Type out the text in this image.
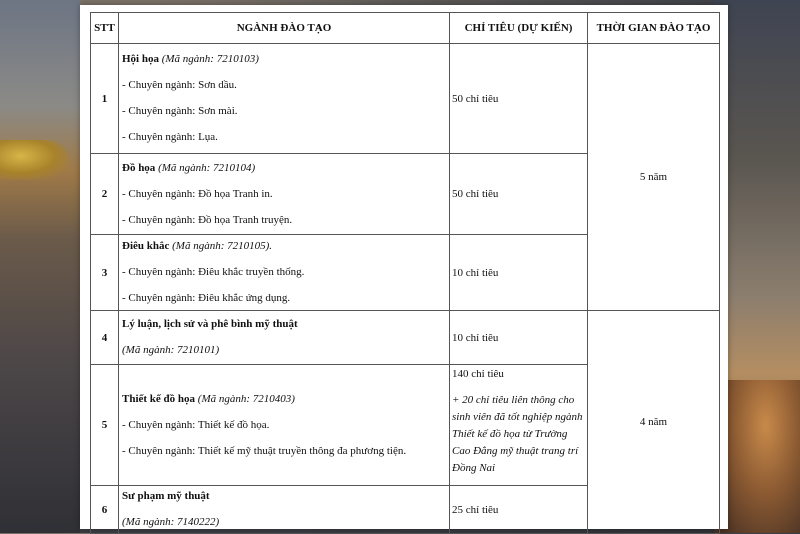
STT	NGÀNH ĐÀO TẠO	CHỈ TIÊU (DỰ KIẾN)	THỜI GIAN ĐÀO TẠO
1	Hội họa (Mã ngành: 7210103)
- Chuyên ngành: Sơn dầu.
- Chuyên ngành: Sơn mài.
- Chuyên ngành: Lụa.	50 chỉ tiêu	5 năm
2	Đồ họa (Mã ngành: 7210104)
- Chuyên ngành: Đồ họa Tranh in.
- Chuyên ngành: Đồ họa Tranh truyện.	50 chỉ tiêu	
3	Điêu khắc (Mã ngành: 7210105).
- Chuyên ngành: Điêu khắc truyền thống.
- Chuyên ngành: Điêu khắc ứng dụng.	10 chỉ tiêu	
4	Lý luận, lịch sử và phê bình mỹ thuật
(Mã ngành: 7210101)	10 chỉ tiêu	4 năm
5	Thiết kế đồ họa (Mã ngành: 7210403)
- Chuyên ngành: Thiết kế đồ họa.
- Chuyên ngành: Thiết kế mỹ thuật truyền thông đa phương tiện.	140 chỉ tiêu
+ 20 chỉ tiêu liên thông cho sinh viên đã tốt nghiệp ngành Thiết kế đồ họa từ Trường Cao Đẳng mỹ thuật trang trí Đồng Nai	

6	Sư phạm mỹ thuật
(Mã ngành: 7140222)	25 chỉ tiêu	
